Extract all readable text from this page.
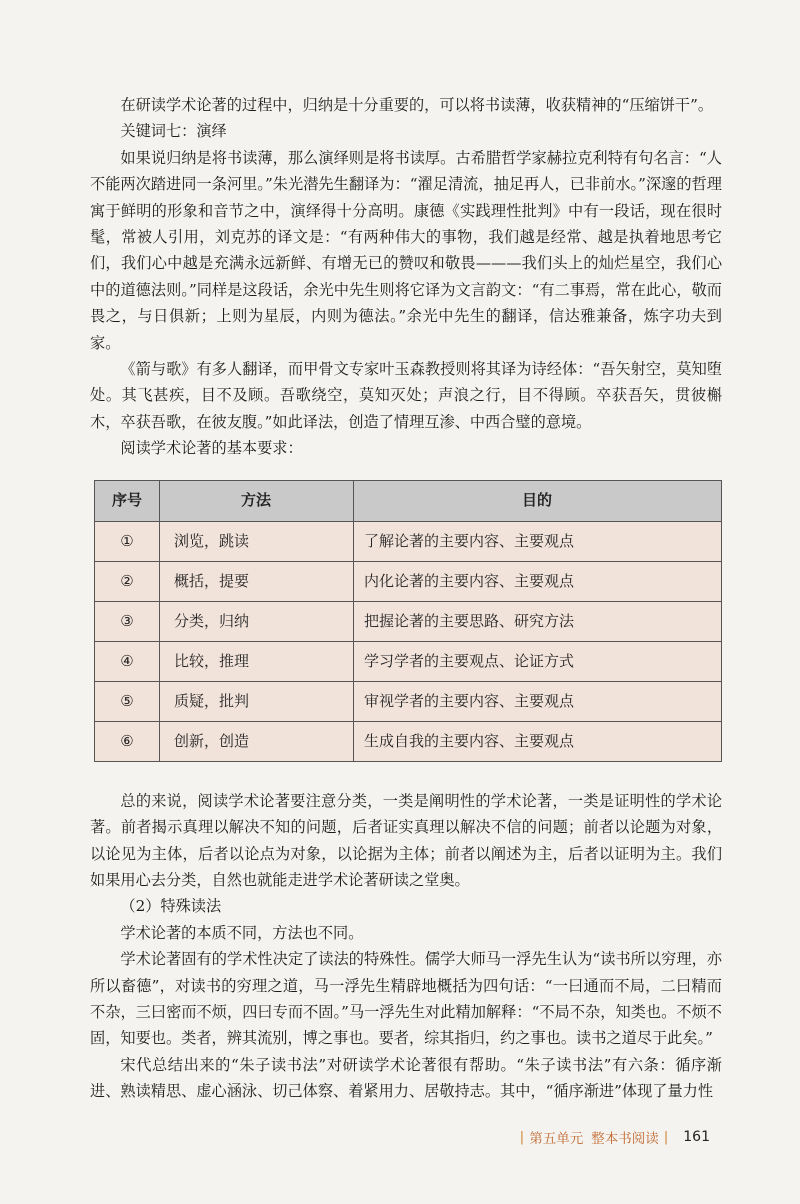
在研读学术论著的过程中，归纳是十分重要的，可以将书读薄，收获精神的“压缩饼干”。

关键词七：演绎

如果说归纳是将书读薄，那么演绎则是将书读厚。古希腊哲学家赫拉克利特有句名言：“人不能两次踏进同一条河里。”朱光潜先生翻译为：“濯足清流，抽足再人，已非前水。”深邃的哲理寓于鲜明的形象和音节之中，演绎得十分高明。康德《实践理性批判》中有一段话，现在很时髦，常被人引用，刘克苏的译文是：“有两种伟大的事物，我们越是经常、越是执着地思考它们，我们心中越是充满永远新鲜、有增无已的赞叹和敬畏———我们头上的灿烂星空，我们心中的道德法则。”同样是这段话，余光中先生则将它译为文言韵文：“有二事焉，常在此心，敬而畏之，与日俱新；上则为星辰，内则为德法。”余光中先生的翻译，信达雅兼备，炼字功夫到家。

《箭与歌》有多人翻译，而甲骨文专家叶玉森教授则将其译为诗经体：“吾矢射空，莫知堕处。其飞甚疾，目不及顾。吾歌绕空，莫知灭处；声浪之行，目不得顾。卒获吾矢，贯彼槲木，卒获吾歌，在彼友腹。”如此译法，创造了情理互渗、中西合璧的意境。

阅读学术论著的基本要求：

序号	方法	目的
①	浏览，跳读	了解论著的主要内容、主要观点
②	概括，提要	内化论著的主要内容、主要观点
③	分类，归纳	把握论著的主要思路、研究方法
④	比较，推理	学习学者的主要观点、论证方式
⑤	质疑，批判	审视学者的主要内容、主要观点
⑥	创新，创造	生成自我的主要内容、主要观点

总的来说，阅读学术论著要注意分类，一类是阐明性的学术论著，一类是证明性的学术论著。前者揭示真理以解决不知的问题，后者证实真理以解决不信的问题；前者以论题为对象，以论见为主体，后者以论点为对象，以论据为主体；前者以阐述为主，后者以证明为主。我们如果用心去分类，自然也就能走进学术论著研读之堂奥。

（2）特殊读法

学术论著的本质不同，方法也不同。

学术论著固有的学术性决定了读法的特殊性。儒学大师马一浮先生认为“读书所以穷理，亦所以畜德”，对读书的穷理之道，马一浮先生精辟地概括为四句话：“一曰通而不局，二曰精而不杂，三曰密而不烦，四曰专而不固。”马一浮先生对此精加解释：“不局不杂，知类也。不烦不固，知要也。类者，辨其流别，博之事也。要者，综其指归，约之事也。读书之道尽于此矣。”

宋代总结出来的“朱子读书法”对研读学术论著很有帮助。“朱子读书法”有六条：循序渐进、熟读精思、虚心涵泳、切己体察、着紧用力、居敬持志。其中，“循序渐进”体现了量力性

| 第五单元 整本书阅读 | 161
